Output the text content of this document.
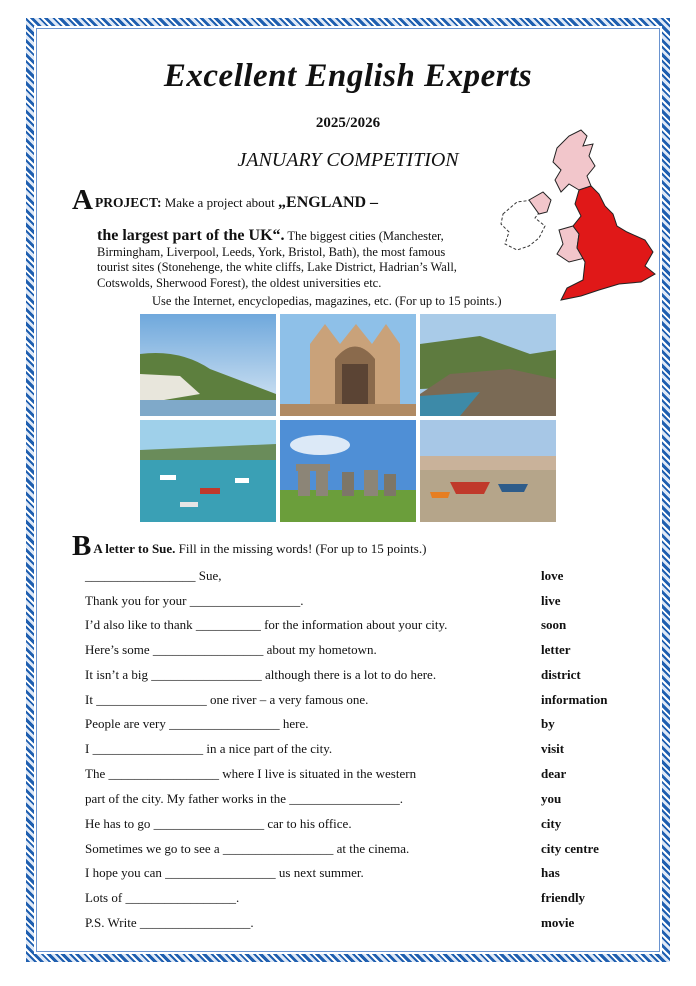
Excellent English Experts
2025/2026
JANUARY COMPETITION
APROJECT: Make a project about „ENGLAND –
the largest part of the UK“. The biggest cities (Manchester,
Birmingham, Liverpool, Leeds, York, Bristol, Bath), the most famous
tourist sites (Stonehenge, the white cliffs, Lake District, Hadrian’s Wall,
Cotswolds, Sherwood Forest), the oldest universities etc.
Use the Internet, encyclopedias, magazines, etc. (For up to 15 points.)
B A letter to Sue. Fill in the missing words! (For up to 15 points.)
_________________ Sue,
Thank you for your _________________.
I’d also like to thank __________ for the information about your city.
Here’s some _________________ about my hometown.
It isn’t a big _________________ although there is a lot to do here.
It _________________ one river – a very famous one.
People are very _________________ here.
I _________________ in a nice part of the city.
The _________________ where I live is situated in the western
part of the city. My father works in the _________________.
He has to go _________________ car to his office.
Sometimes we go to see a _________________ at the cinema.
I hope you can _________________ us next summer.
Lots of _________________.
P.S. Write _________________.
love
live
soon
letter
district
information
by
visit
dear
you
city
city centre
has
friendly
movie
